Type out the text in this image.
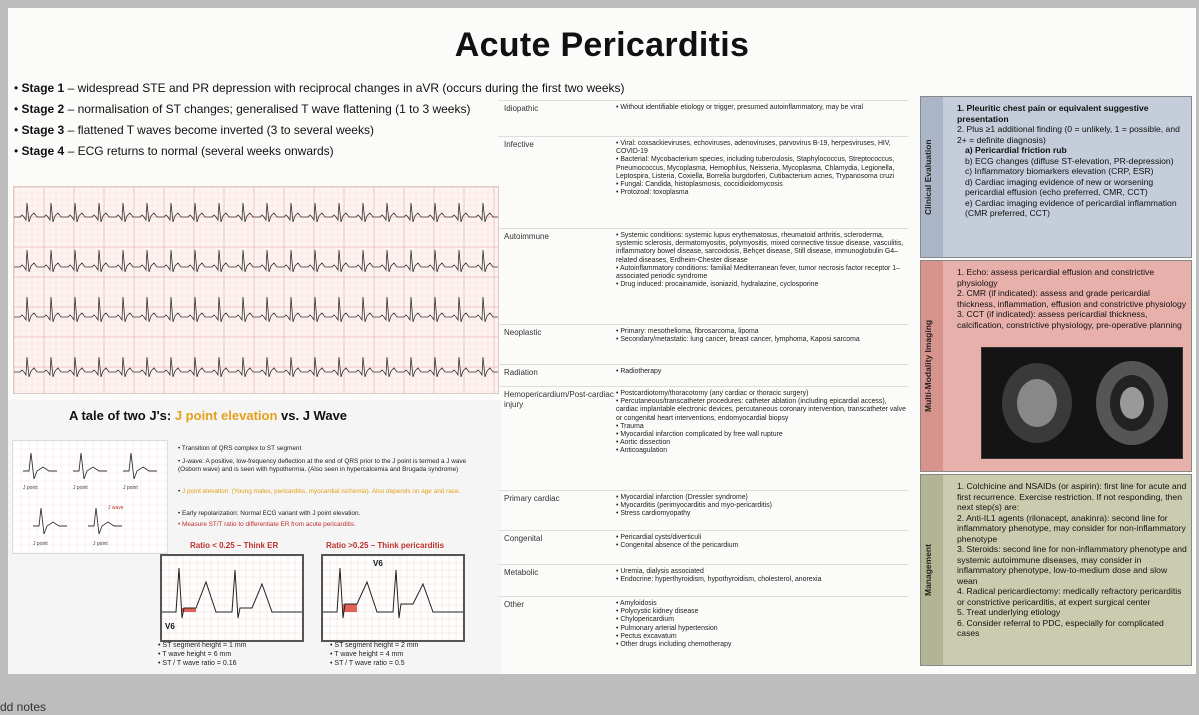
Acute Pericarditis
• Stage 1 – widespread STE and PR depression with reciprocal changes in aVR (occurs during the first two weeks)
• Stage 2 – normalisation of ST changes; generalised T wave flattening (1 to 3 weeks)
• Stage 3 – flattened T waves become inverted (3 to several weeks)
• Stage 4 – ECG returns to normal (several weeks onwards)
A tale of two J's: J point elevation vs. J Wave
J point	J point	J point
J wave
J point	J point
• Transition of QRS complex to ST segment
• J-wave: A positive, low-frequency deflection at the end of QRS prior to the J point is termed a J wave (Osborn wave) and is seen with hypothermia. (Also seen in hypercalcemia and Brugada syndrome)
• J point elevation: (Young males, pericarditis, myocardial ischemia). Also depends on age and race.
• Early repolarization: Normal ECG variant with J point elevation.
• Measure ST/T ratio to differentiate ER from acute pericarditis.
Ratio < 0.25 – Think ER	Ratio >0.25 – Think pericarditis
V6
V6
• ST segment height = 1 mm
• T wave height = 6 mm
• ST / T wave ratio = 0.16
• ST segment height = 2 mm
• T wave height = 4 mm
• ST / T wave ratio = 0.5
Idiopathic	• Without identifiable etiology or trigger, presumed autoinflammatory, may be viral
Infective	• Viral: coxsackieviruses, echoviruses, adenoviruses, parvovirus B-19, herpesviruses, HIV, COVID-19
• Bacterial: Mycobacterium species, including tuberculosis, Staphylococcus, Streptococcus, Pneumococcus, Mycoplasma, Hemophilus, Neisseria, Mycoplasma, Chlamydia, Legionella, Leptospira, Listeria, Coxiella, Borrelia burgdorferi, Cutibacterium acnes, Trypanosoma cruzi
• Fungal: Candida, histoplasmosis, coccidioidomycosis
• Protozoal: toxoplasma
Autoimmune	• Systemic conditions: systemic lupus erythematosus, rheumatoid arthritis, scleroderma, systemic sclerosis, dermatomyositis, polymyositis, mixed connective tissue disease, vasculitis, inflammatory bowel disease, sarcoidosis, Behçet disease, Still disease, immunoglobulin G4–related diseases, Erdheim-Chester disease
• Autoinflammatory conditions: familial Mediterranean fever, tumor necrosis factor receptor 1–associated periodic syndrome
• Drug induced: procainamide, isoniazid, hydralazine, cyclosporine
Neoplastic	• Primary: mesothelioma, fibrosarcoma, lipoma
• Secondary/metastatic: lung cancer, breast cancer, lymphoma, Kaposi sarcoma
Radiation	• Radiotherapy
Hemopericardium/Post-cardiac injury
• Postcardiotomy/thoracotomy (any cardiac or thoracic surgery)
• Percutaneous/transcatheter procedures: catheter ablation (including epicardial access), cardiac implantable electronic devices, percutaneous coronary intervention, transcatheter valve or congenital heart interventions, endomyocardial biopsy
• Trauma
• Myocardial infarction complicated by free wall rupture
• Aortic dissection
• Anticoagulation
Primary cardiac	• Myocardial infarction (Dressler syndrome)
• Myocarditis (perimyocarditis and myo-pericarditis)
• Stress cardiomyopathy
Congenital	• Pericardial cysts/diverticuli
• Congenital absence of the pericardium
Metabolic	• Uremia, dialysis associated
• Endocrine: hyperthyroidism, hypothyroidism, cholesterol, anorexia
Other	• Amyloidosis
• Polycystic kidney disease
• Chylopericardium
• Pulmonary arterial hypertension
• Pectus excavatum
• Other drugs including chemotherapy
Clinical Evaluation
1. Pleuritic chest pain or equivalent suggestive presentation
2. Plus ≥1 additional finding (0 = unlikely, 1 = possible, and 2+ = definite diagnosis)
a) Pericardial friction rub
b) ECG changes (diffuse ST-elevation, PR-depression)
c) Inflammatory biomarkers elevation (CRP, ESR)
d) Cardiac imaging evidence of new or worsening pericardial effusion (echo preferred, CMR, CCT)
e) Cardiac imaging evidence of pericardial inflammation (CMR preferred, CCT)
Multi-Modality Imaging
1. Echo: assess pericardial effusion and constrictive physiology
2. CMR (if indicated): assess and grade pericardial thickness, inflammation, effusion and constrictive physiology
3. CCT (if indicated): assess pericardial thickness, calcification, constrictive physiology, pre-operative planning
Management
1. Colchicine and NSAIDs (or aspirin): first line for acute and first recurrence. Exercise restriction. If not responding, then next step(s) are:
2. Anti-IL1 agents (rilonacept, anakinra): second line for inflammatory phenotype, may consider for non-inflammatory phenotype
3. Steroids: second line for non-inflammatory phenotype and systemic autoimmune diseases, may consider in inflammatory phenotype, low-to-medium dose and slow wean
4. Radical pericardiectomy: medically refractory pericarditis or constrictive pericarditis, at expert surgical center
5. Treat underlying etiology
6. Consider referral to PDC, especially for complicated cases
dd notes
